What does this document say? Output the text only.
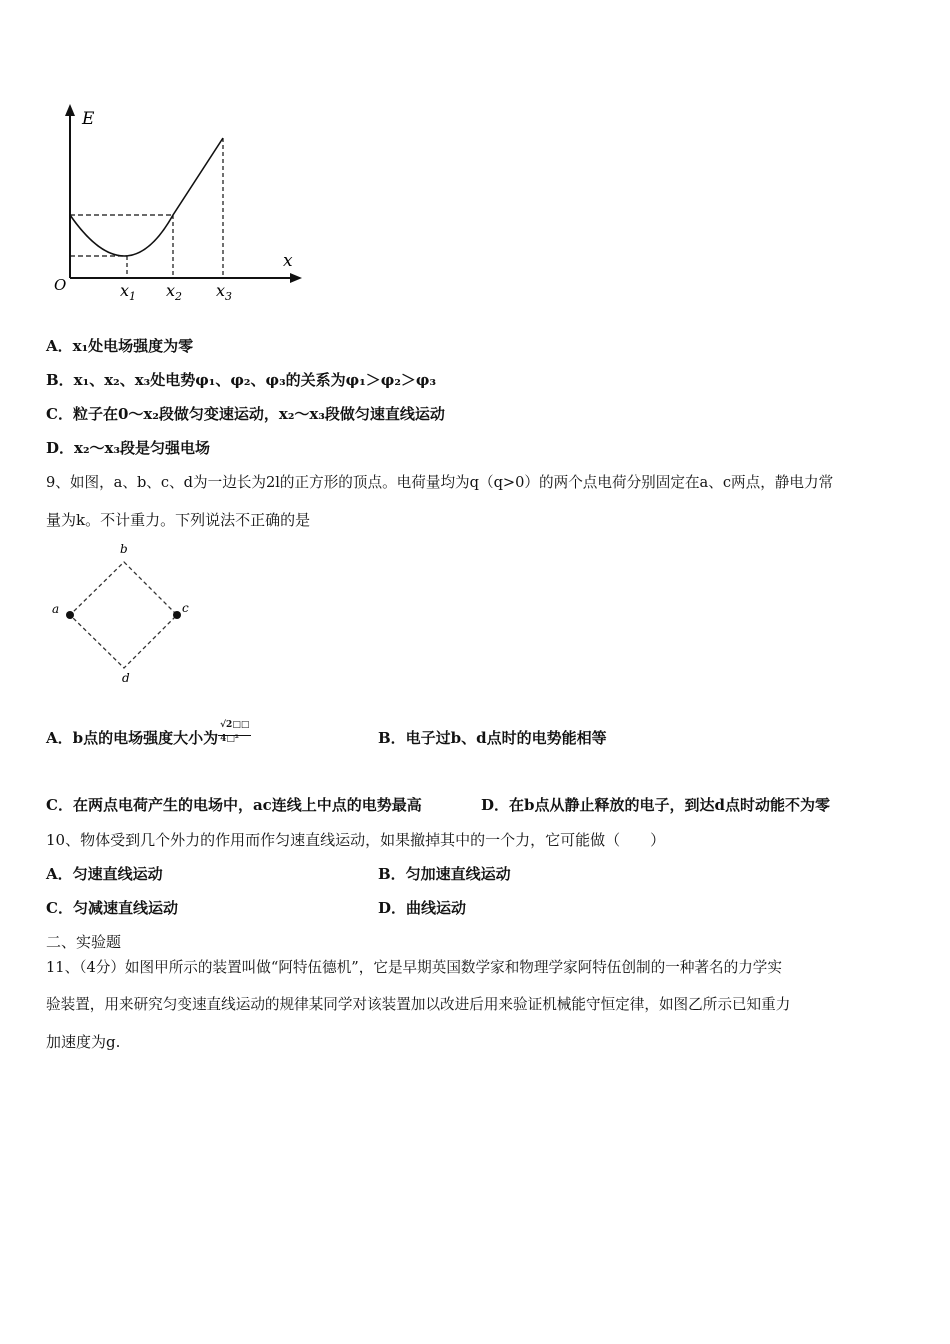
E
x
O	$x_1$ $x_2$ $x_3$
A．x₁处电场强度为零
B．x₁、x₂、x₃处电势φ₁、φ₂、φ₃的关系为φ₁＞φ₂＞φ₃
C．粒子在0～x₂段做匀变速运动，x₂～x₃段做匀速直线运动
D．x₂～x₃段是匀强电场
9、如图，a、b、c、d为一边长为2l的正方形的顶点。电荷量均为q（q>0）的两个点电荷分别固定在a、c两点，静电力常
量为k。不计重力。下列说法不正确的是
b
a	c
d
A．b点的电场强度大小为
√2□□
4□²	B．电子过b、d点时的电势能相等
C．在两点电荷产生的电场中，ac连线上中点的电势最高	D．在b点从静止释放的电子，到达d点时动能不为零
10、物体受到几个外力的作用而作匀速直线运动，如果撤掉其中的一个力，它可能做（　　）
A．匀速直线运动	B．匀加速直线运动
C．匀减速直线运动	D．曲线运动
二、实验题
11、（4分）如图甲所示的装置叫做“阿特伍德机”，它是早期英国数学家和物理学家阿特伍创制的一种著名的力学实
验装置，用来研究匀变速直线运动的规律某同学对该装置加以改进后用来验证机械能守恒定律，如图乙所示已知重力
加速度为g.
